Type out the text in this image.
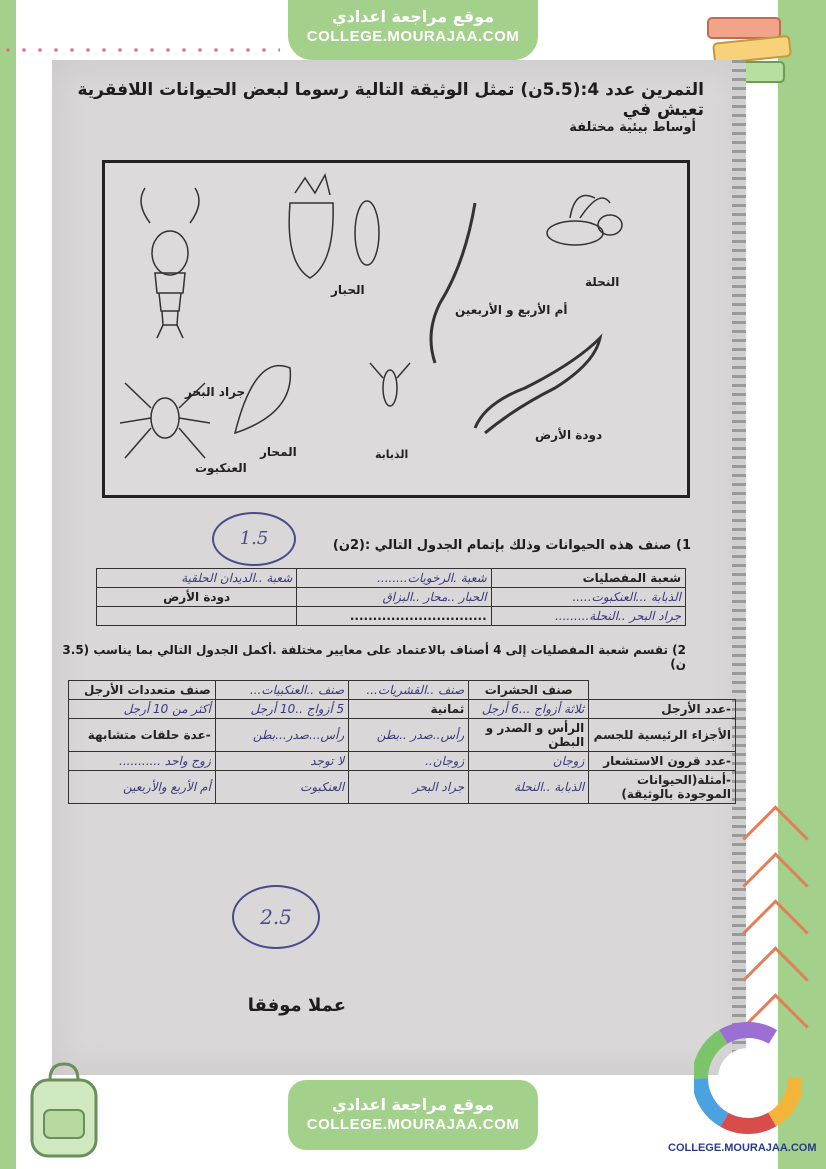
موقع مراجعة اعدادي
COLLEGE.MOURAJAA.COM
التمرين عدد 4:(5.5ن) تمثل الوثيقة التالية رسوما لبعض الحيوانات اللافقرية تعيش في
أوساط بيئية مختلفة
جراد البحر
الحبار
أم الأربع و الأربعين
النحلة
العنكبوت
المحار	الذبابة
دودة الأرض
1.5	1) صنف هذه الحيوانات وذلك بإتمام الجدول التالي :(2ن)
شعبة المفصليات	شعبة .الرخويات........	شعبة ..الديدان الحلقية
الذبابة ...العنكبوت.....	الحبار ..محار ..البزاق	دودة الأرض
جراد البحر ..النحلة.........	..............................	
2) تقسم شعبة المفصليات إلى 4 أصناف بالاعتماد على معايير مختلفة .أكمل الجدول التالي بما يناسب (3.5 ن)
	صنف الحشرات	صنف ..القشريات...	صنف ..العنكبيات...	صنف متعددات الأرجل
-عدد الأرجل	ثلاثة أزواج ...6 أرجل	ثمانية	5 أزواج ..10 أرجل	أكثر من 10 أرجل
الأجزاء الرئيسية للجسم	الرأس و الصدر و البطن	رأس..صدر ..بطن	رأس...صدر...بطن	-عدة حلقات متشابهة
-عدد قرون الاستشعار	زوجان	زوجان..	لا توجد	زوج واحد ...........
-أمثلة(الحيوانات الموجودة بالوثيقة)	الذبابة ..النحلة	جراد البحر	العنكبوت	أم الأربع والأربعين
2.5
عملا موفقا
موقع مراجعة اعدادي
COLLEGE.MOURAJAA.COM
COLLEGE.MOURAJAA.COM
